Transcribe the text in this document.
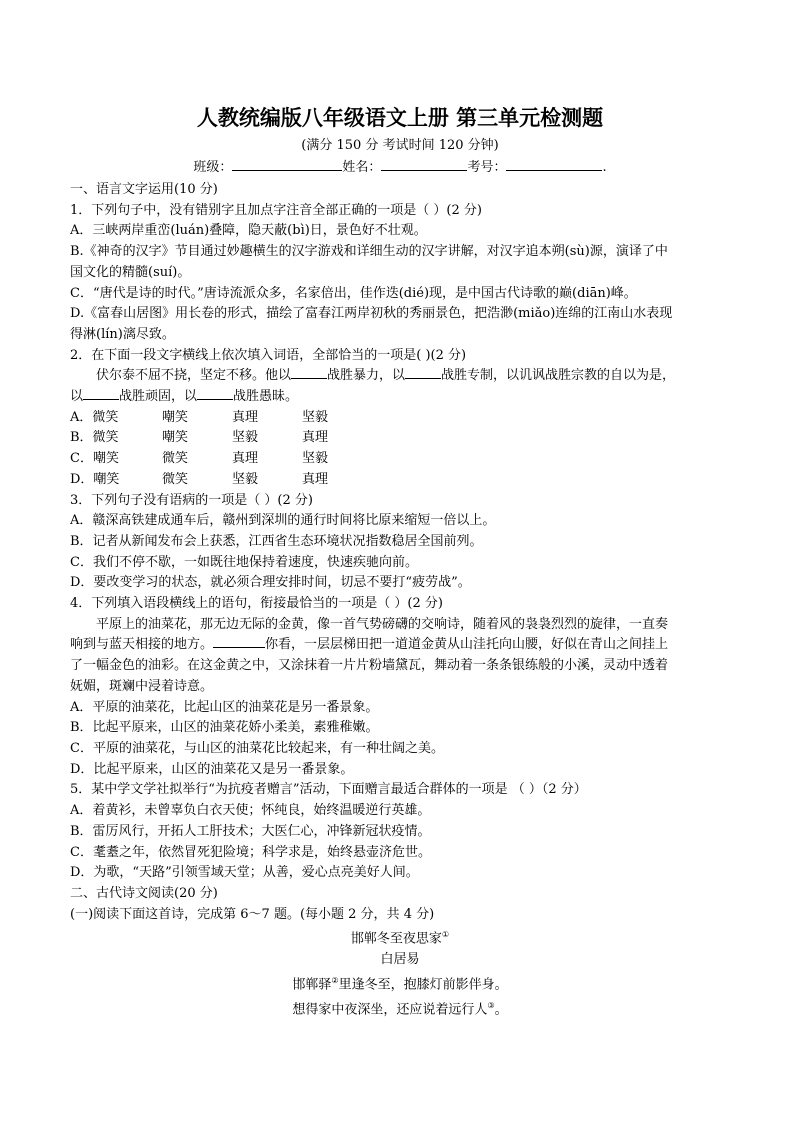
人教统编版八年级语文上册 第三单元检测题
(满分 150 分 考试时间 120 分钟)
班级：	姓名：	考号：	.
一、语言文字运用(10 分)
1．下列句子中，没有错别字且加点字注音全部正确的一项是（ ）(2 分)
A．三峡两岸重峦(luán)叠障，隐天蔽(bì)日，景色好不壮观。
B.《神奇的汉字》节目通过妙趣横生的汉字游戏和详细生动的汉字讲解，对汉字追本朔(sù)源，演译了中
国文化的精髓(suí)。
C．“唐代是诗的时代。”唐诗流派众多，名家倍出，佳作迭(dié)现，是中国古代诗歌的巅(diān)峰。
D.《富春山居图》用长卷的形式，描绘了富春江两岸初秋的秀丽景色，把浩渺(miǎo)连绵的江南山水表现
得淋(lín)漓尽致。
2．在下面一段文字横线上依次填入词语，全部恰当的一项是( )(2 分)
伏尔泰不屈不挠，坚定不移。他以	战胜暴力，以	战胜专制，以讥讽战胜宗教的自以为是，
以	战胜顽固，以	战胜愚昧。
A．微笑	嘲笑	真理	坚毅
B．微笑	嘲笑	坚毅	真理
C．嘲笑	微笑	真理	坚毅
D．嘲笑	微笑	坚毅	真理
3．下列句子没有语病的一项是（ ）(2 分)
A．赣深高铁建成通车后，赣州到深圳的通行时间将比原来缩短一倍以上。
B．记者从新闻发布会上获悉，江西省生态环境状况指数稳居全国前列。
C．我们不停不歇，一如既往地保持着速度，快速疾驰向前。
D．要改变学习的状态，就必须合理安排时间，切忌不要打“疲劳战”。
4．下列填入语段横线上的语句，衔接最恰当的一项是（ ）(2 分)
平原上的油菜花，那无边无际的金黄，像一首气势磅礴的交响诗，随着风的袅袅烈烈的旋律，一直奏
响到与蓝天相接的地方。	你看，一层层梯田把一道道金黄从山洼托向山腰，好似在青山之间挂上
了一幅金色的油彩。在这金黄之中，又涂抹着一片片粉墙黛瓦，舞动着一条条银练般的小溪，灵动中透着
妩媚，斑斓中浸着诗意。
A．平原的油菜花，比起山区的油菜花是另一番景象。
B．比起平原来，山区的油菜花娇小柔美，素雅稚嫩。
C．平原的油菜花，与山区的油菜花比较起来，有一种壮阔之美。
D．比起平原来，山区的油菜花又是另一番景象。
5．某中学文学社拟举行“为抗疫者赠言”活动，下面赠言最适合群体的一项是 （ ）（2 分）
A．着黄衫，未曾辜负白衣天使；怀纯良，始终温暖逆行英雄。
B．雷厉风行，开拓人工肝技术；大医仁心，冲锋新冠状疫情。
C．耄耋之年，依然冒死犯险境；科学求是，始终悬壶济危世。
D．为歌，“天路”引领雪域天堂；从善，爱心点亮美好人间。
二、古代诗文阅读(20 分)
(一)阅读下面这首诗，完成第 6～7 题。(每小题 2 分，共 4 分)
邯郸冬至夜思家①
白居易
邯郸驿②里逢冬至，抱膝灯前影伴身。
想得家中夜深坐，还应说着远行人③。
